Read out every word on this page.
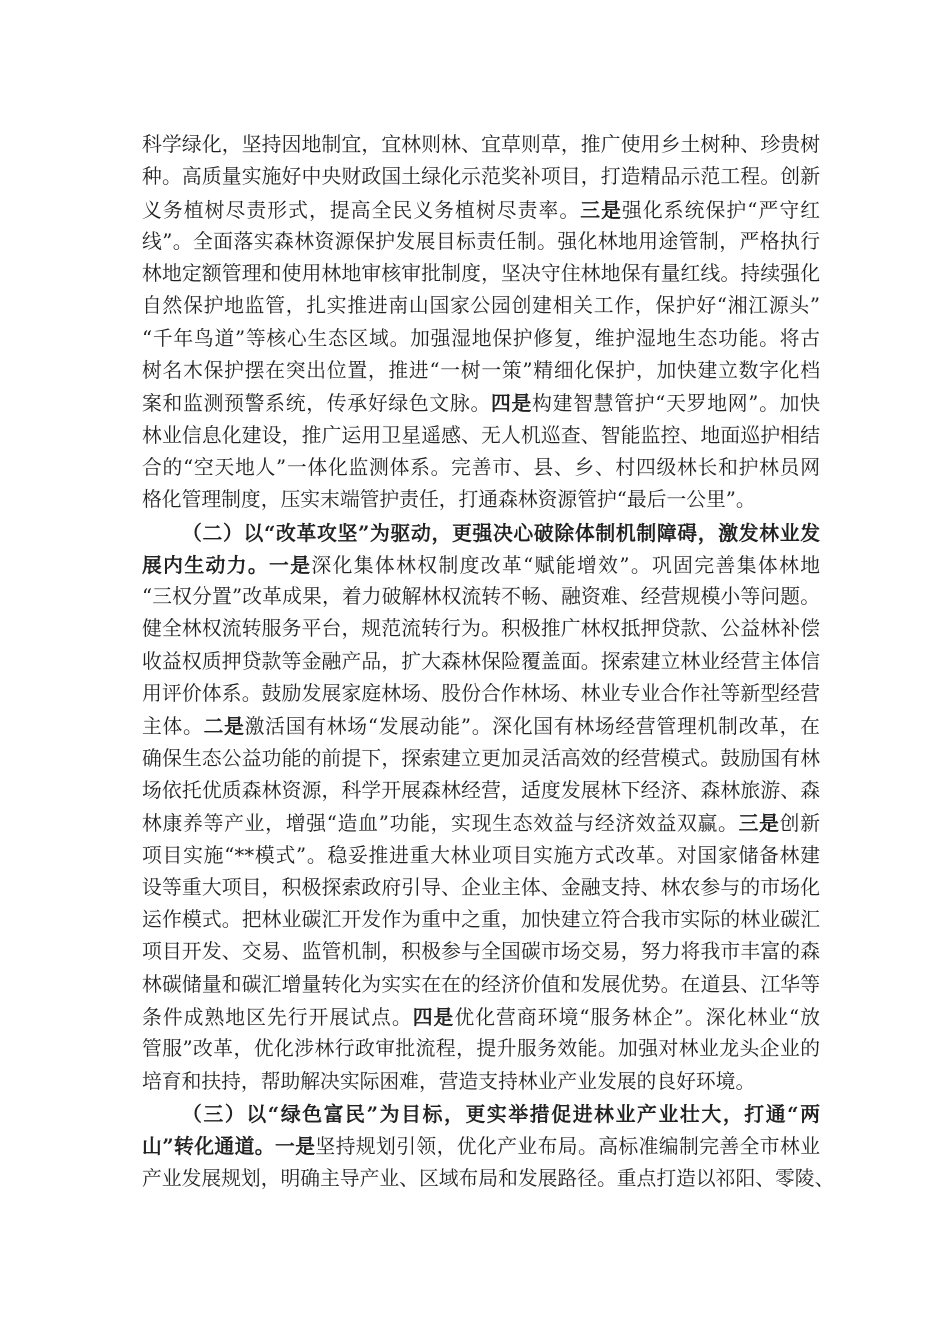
科学绿化，坚持因地制宜，宜林则林、宜草则草，推广使用乡土树种、珍贵树
种。高质量实施好中央财政国土绿化示范奖补项目，打造精品示范工程。创新
义务植树尽责形式，提高全民义务植树尽责率。三是强化系统保护“严守红
线”。全面落实森林资源保护发展目标责任制。强化林地用途管制，严格执行
林地定额管理和使用林地审核审批制度，坚决守住林地保有量红线。持续强化
自然保护地监管，扎实推进南山国家公园创建相关工作，保护好“湘江源头”
“千年鸟道”等核心生态区域。加强湿地保护修复，维护湿地生态功能。将古
树名木保护摆在突出位置，推进“一树一策”精细化保护，加快建立数字化档
案和监测预警系统，传承好绿色文脉。四是构建智慧管护“天罗地网”。加快
林业信息化建设，推广运用卫星遥感、无人机巡查、智能监控、地面巡护相结
合的“空天地人”一体化监测体系。完善市、县、乡、村四级林长和护林员网
格化管理制度，压实末端管护责任，打通森林资源管护“最后一公里”。
（二）以“改革攻坚”为驱动，更强决心破除体制机制障碍，激发林业发
展内生动力。一是深化集体林权制度改革“赋能增效”。巩固完善集体林地
“三权分置”改革成果，着力破解林权流转不畅、融资难、经营规模小等问题。
健全林权流转服务平台，规范流转行为。积极推广林权抵押贷款、公益林补偿
收益权质押贷款等金融产品，扩大森林保险覆盖面。探索建立林业经营主体信
用评价体系。鼓励发展家庭林场、股份合作林场、林业专业合作社等新型经营
主体。二是激活国有林场“发展动能”。深化国有林场经营管理机制改革，在
确保生态公益功能的前提下，探索建立更加灵活高效的经营模式。鼓励国有林
场依托优质森林资源，科学开展森林经营，适度发展林下经济、森林旅游、森
林康养等产业，增强“造血”功能，实现生态效益与经济效益双赢。三是创新
项目实施“**模式”。稳妥推进重大林业项目实施方式改革。对国家储备林建
设等重大项目，积极探索政府引导、企业主体、金融支持、林农参与的市场化
运作模式。把林业碳汇开发作为重中之重，加快建立符合我市实际的林业碳汇
项目开发、交易、监管机制，积极参与全国碳市场交易，努力将我市丰富的森
林碳储量和碳汇增量转化为实实在在的经济价值和发展优势。在道县、江华等
条件成熟地区先行开展试点。四是优化营商环境“服务林企”。深化林业“放
管服”改革，优化涉林行政审批流程，提升服务效能。加强对林业龙头企业的
培育和扶持，帮助解决实际困难，营造支持林业产业发展的良好环境。
（三）以“绿色富民”为目标，更实举措促进林业产业壮大，打通“两
山”转化通道。一是坚持规划引领，优化产业布局。高标准编制完善全市林业
产业发展规划，明确主导产业、区域布局和发展路径。重点打造以祁阳、零陵、
